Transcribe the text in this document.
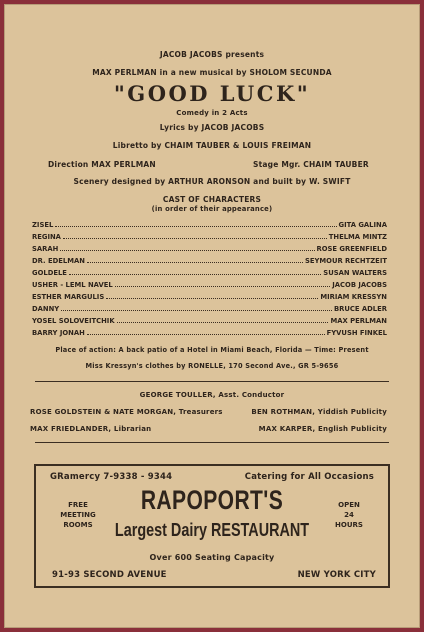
JACOB JACOBS presents
MAX PERLMAN in a new musical by SHOLOM SECUNDA
"GOOD LUCK"
Comedy in 2 Acts
Lyrics by JACOB JACOBS
Libretto by CHAIM TAUBER & LOUIS FREIMAN
Direction MAX PERLMAN	Stage Mgr. CHAIM TAUBER
Scenery designed by ARTHUR ARONSON and built by W. SWIFT
CAST OF CHARACTERS
(in order of their appearance)
ZISEL	GITA GALINA
REGINA	THELMA MINTZ
SARAH	ROSE GREENFIELD
DR. EDELMAN	SEYMOUR RECHTZEIT
GOLDELE	SUSAN WALTERS
USHER - LEML NAVEL	JACOB JACOBS
ESTHER MARGULIS	MIRIAM KRESSYN
DANNY	BRUCE ADLER
YOSEL SOLOVEITCHIK	MAX PERLMAN
BARRY JONAH	FYVUSH FINKEL
Place of action: A back patio of a Hotel in Miami Beach, Florida — Time: Present
Miss Kressyn's clothes by RONELLE, 170 Second Ave., GR 5-9656
GEORGE TOULLER, Asst. Conductor
ROSE GOLDSTEIN & NATE MORGAN, Treasurers	BEN ROTHMAN, Yiddish Publicity
MAX FRIEDLANDER, Librarian	MAX KARPER, English Publicity
GRamercy 7-9338 - 9344	Catering for All Occasions
FREE
MEETING
ROOMS
RAPOPORT'S
Largest Dairy RESTAURANT
OPEN
24
HOURS
Over 600 Seating Capacity
91-93 SECOND AVENUE	NEW YORK CITY
